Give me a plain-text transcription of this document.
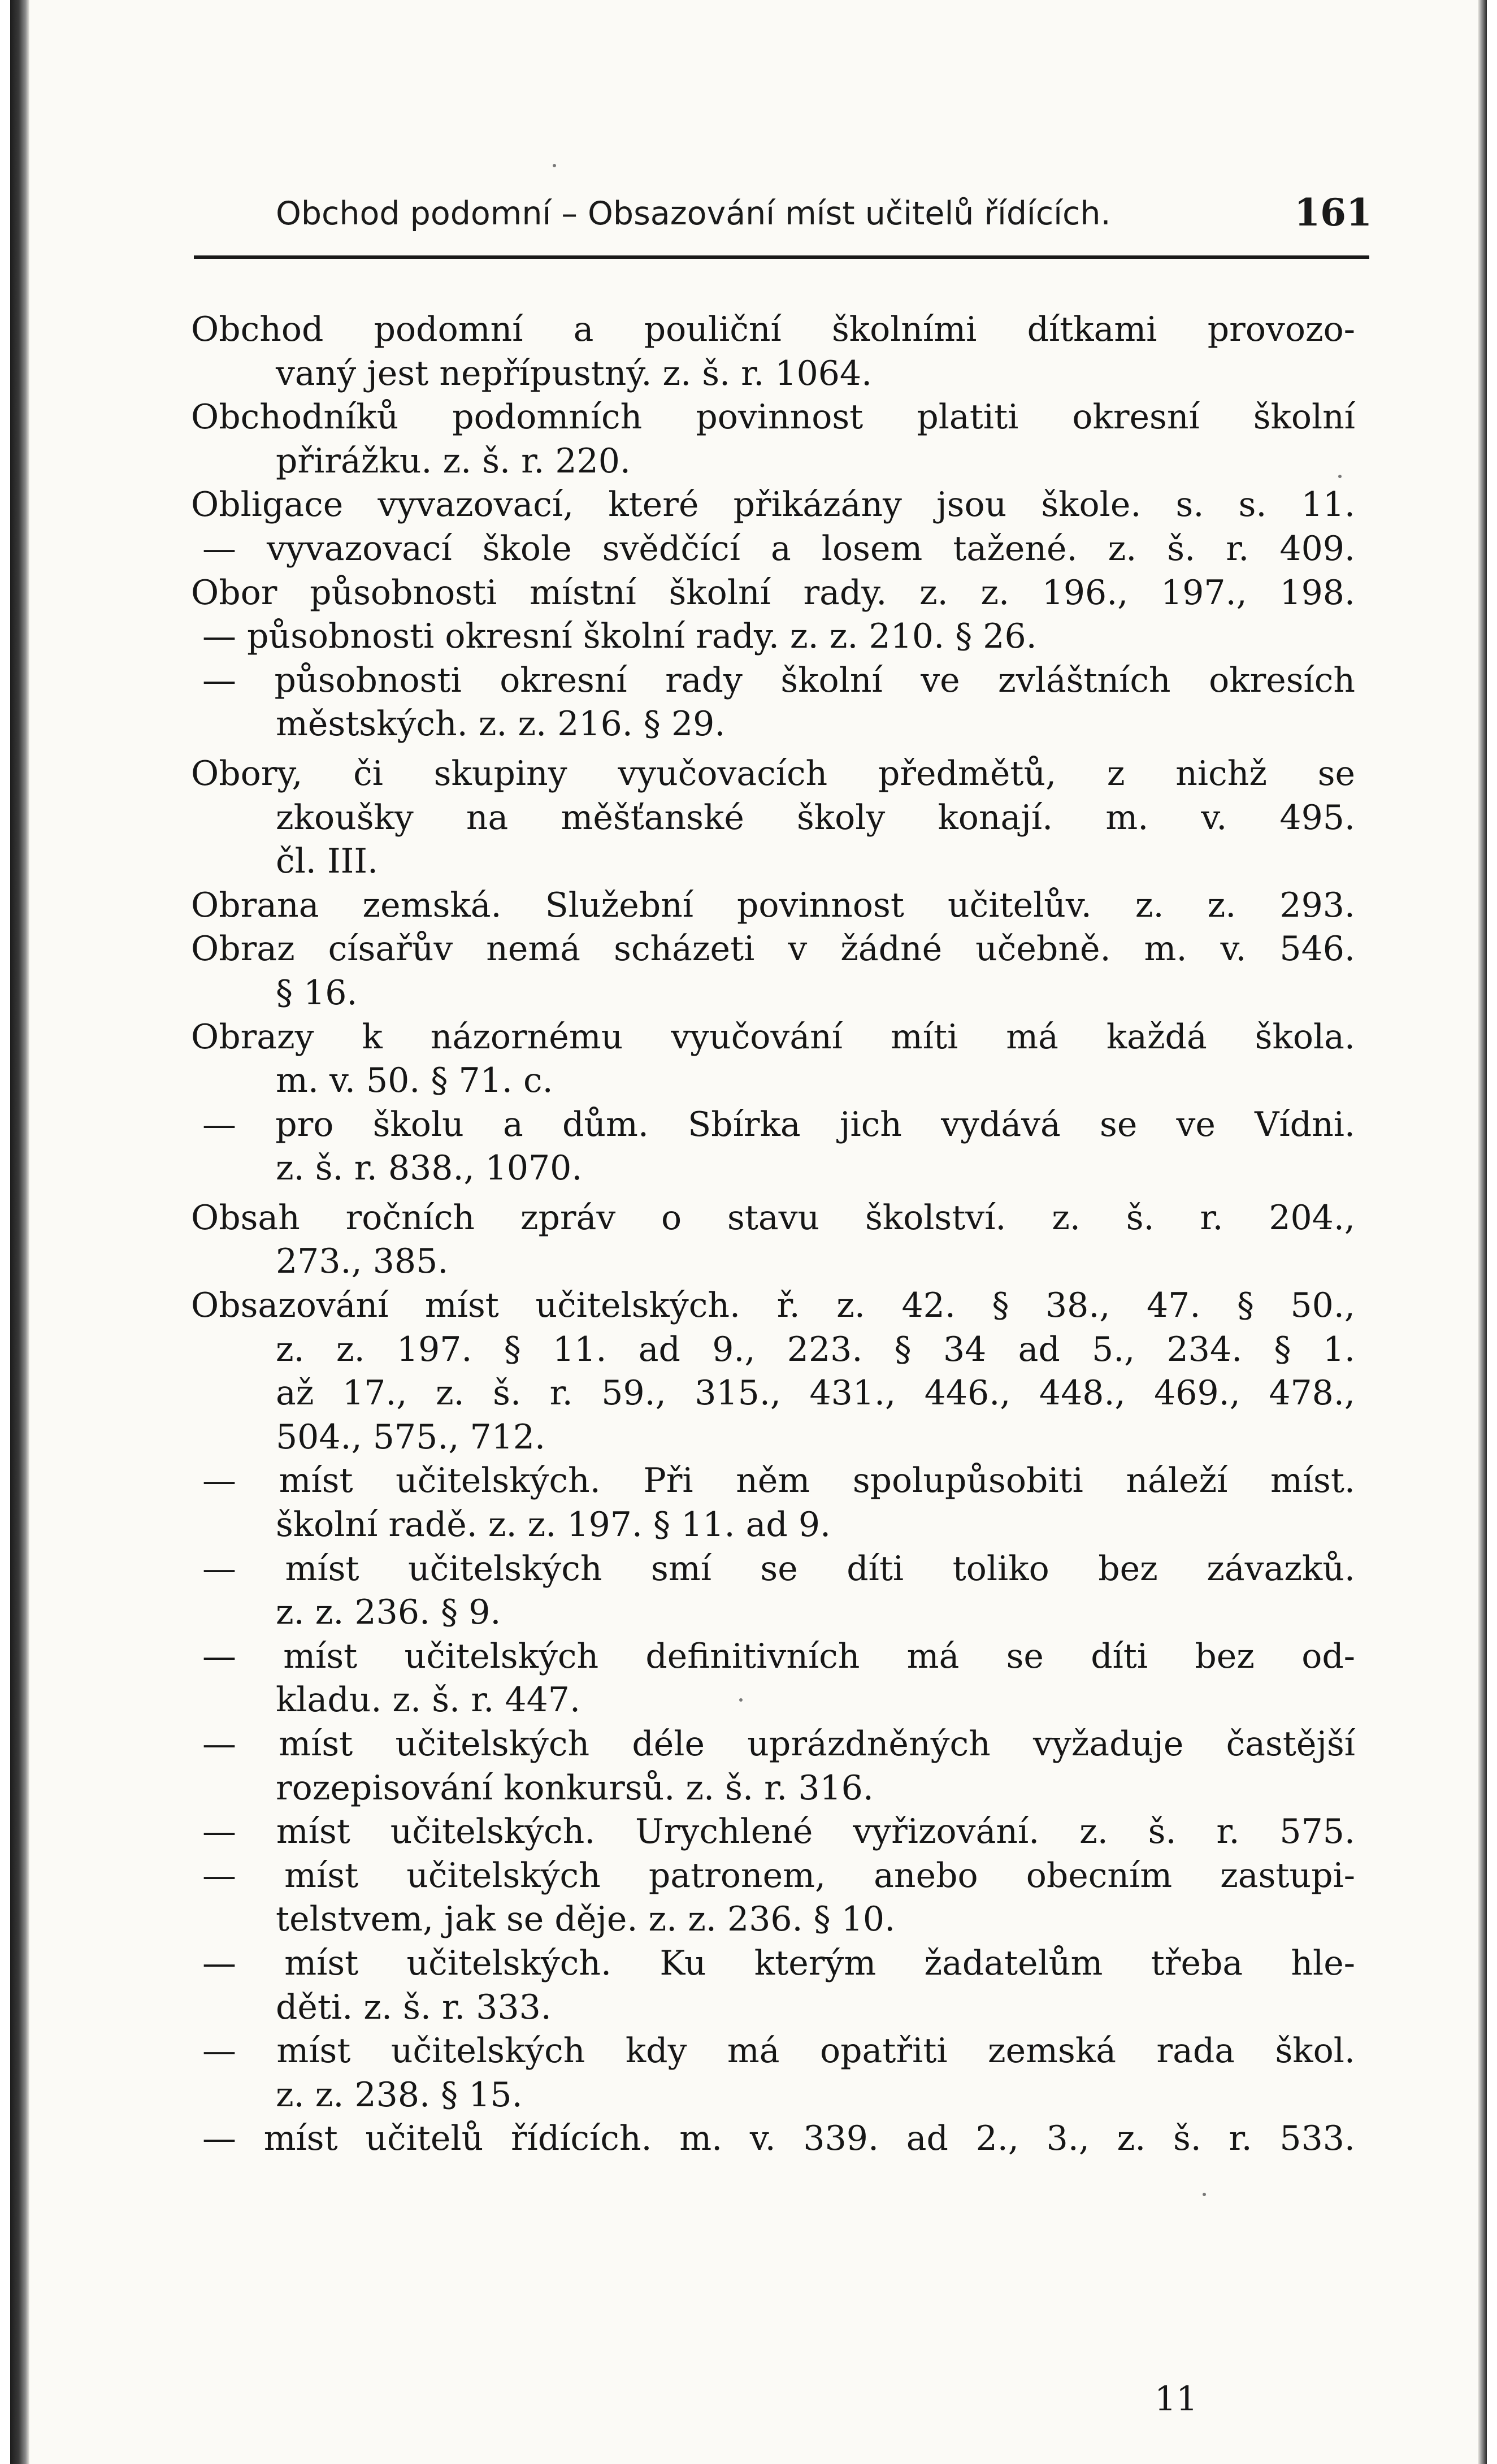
Obchod podomní – Obsazování míst učitelů řídících.	161
Obchod podomní a pouliční školními dítkami provozo-
vaný jest nepřípustný. z. š. r. 1064.
Obchodníků podomních povinnost platiti okresní školní
přirážku. z. š. r. 220.
Obligace vyvazovací, které přikázány jsou škole. s. s. 11.
— vyvazovací škole svědčící a losem tažené. z. š. r. 409.
Obor působnosti místní školní rady. z. z. 196., 197., 198.
— působnosti okresní školní rady. z. z. 210. § 26.
— působnosti okresní rady školní ve zvláštních okresích
městských. z. z. 216. § 29.
Obory, či skupiny vyučovacích předmětů, z nichž se
zkoušky na měšťanské školy konají. m. v. 495.
čl. III.
Obrana zemská. Služební povinnost učitelův. z. z. 293.
Obraz císařův nemá scházeti v žádné učebně. m. v. 546.
§ 16.
Obrazy k názornému vyučování míti má každá škola.
m. v. 50. § 71. c.
— pro školu a dům. Sbírka jich vydává se ve Vídni.
z. š. r. 838., 1070.
Obsah ročních zpráv o stavu školství. z. š. r. 204.,
273., 385.
Obsazování míst učitelských. ř. z. 42. § 38., 47. § 50.,
z. z. 197. § 11. ad 9., 223. § 34 ad 5., 234. § 1.
až 17., z. š. r. 59., 315., 431., 446., 448., 469., 478.,
504., 575., 712.
— míst učitelských. Při něm spolupůsobiti náleží míst.
školní radě. z. z. 197. § 11. ad 9.
— míst učitelských smí se díti toliko bez závazků.
z. z. 236. § 9.
— míst učitelských definitivních má se díti bez od-
kladu. z. š. r. 447.
— míst učitelských déle uprázdněných vyžaduje častější
rozepisování konkursů. z. š. r. 316.
— míst učitelských. Urychlené vyřizování. z. š. r. 575.
— míst učitelských patronem, anebo obecním zastupi-
telstvem, jak se děje. z. z. 236. § 10.
— míst učitelských. Ku kterým žadatelům třeba hle-
děti. z. š. r. 333.
— míst učitelských kdy má opatřiti zemská rada škol.
z. z. 238. § 15.
— míst učitelů řídících. m. v. 339. ad 2., 3., z. š. r. 533.
11
